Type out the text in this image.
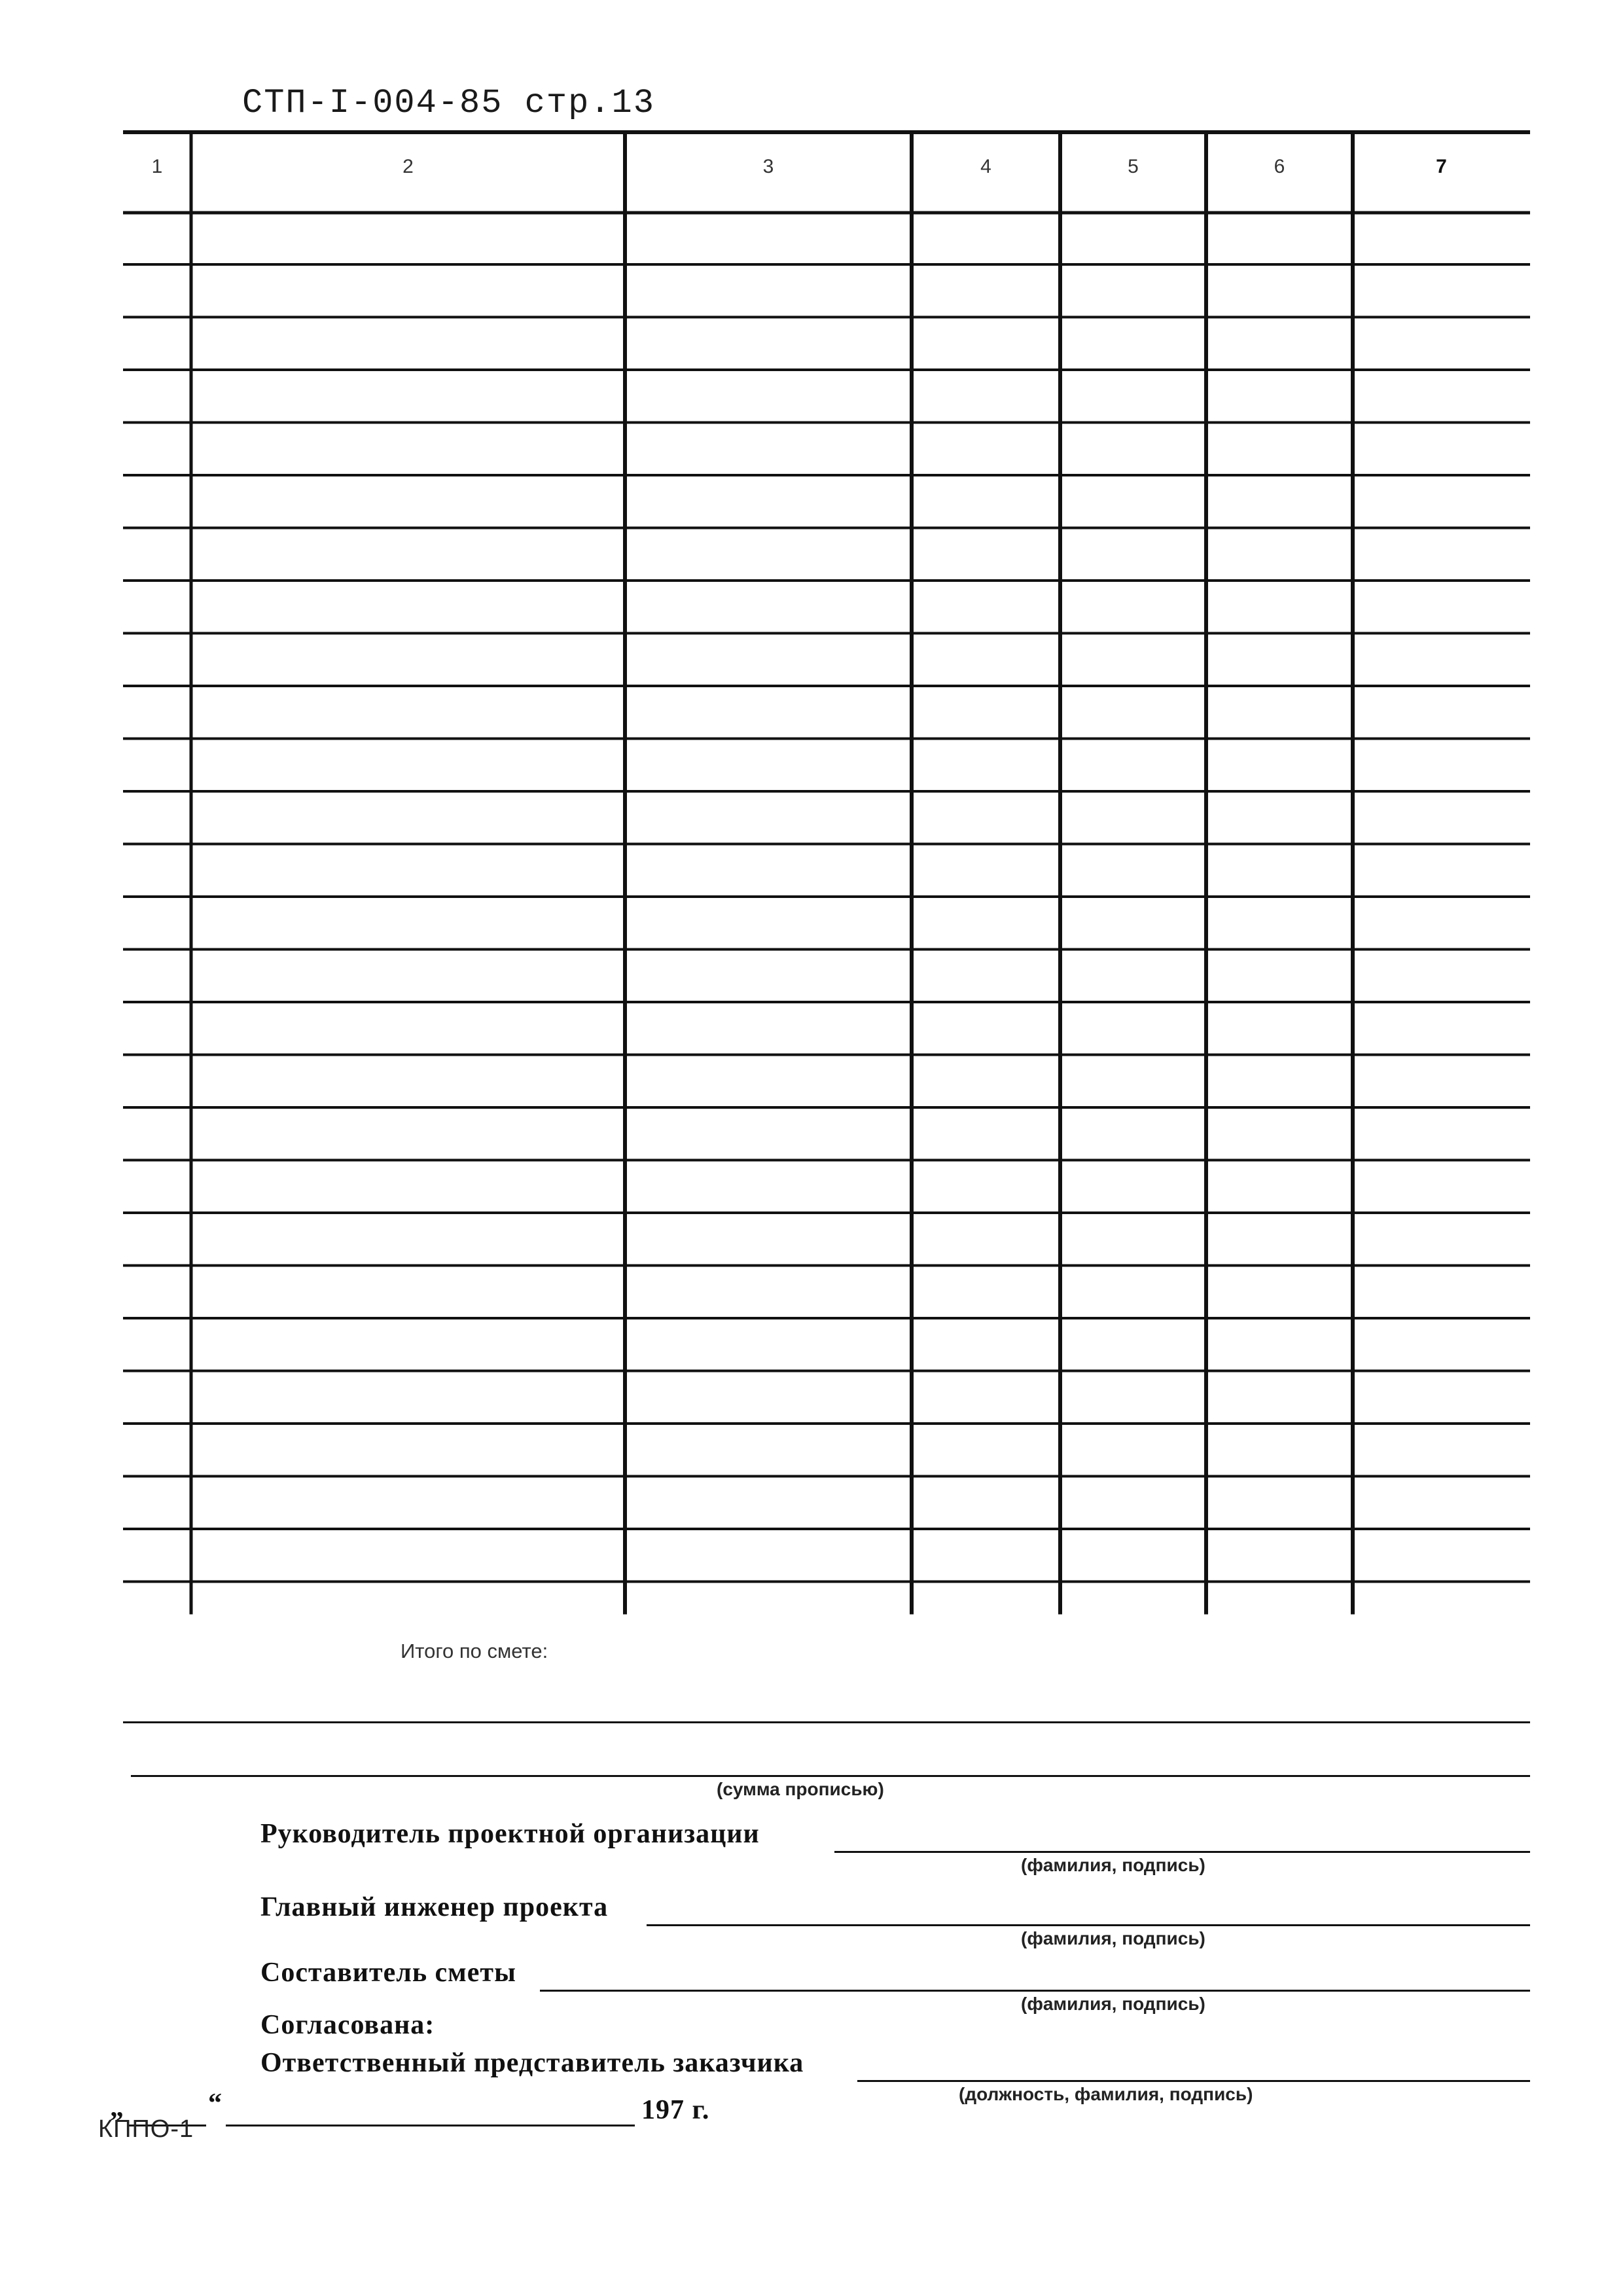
СТП-I-004-85 стр.13
1	2	3	4	5	6	7
Итого по смете:
(сумма прописью)
Руководитель проектной организации
(фамилия, подпись)
Главный инженер проекта
(фамилия, подпись)
Составитель сметы
(фамилия, подпись)
Согласована:
Ответственный представитель заказчика
(должность, фамилия, подпись)
„	“	197 г.
КППО-1
